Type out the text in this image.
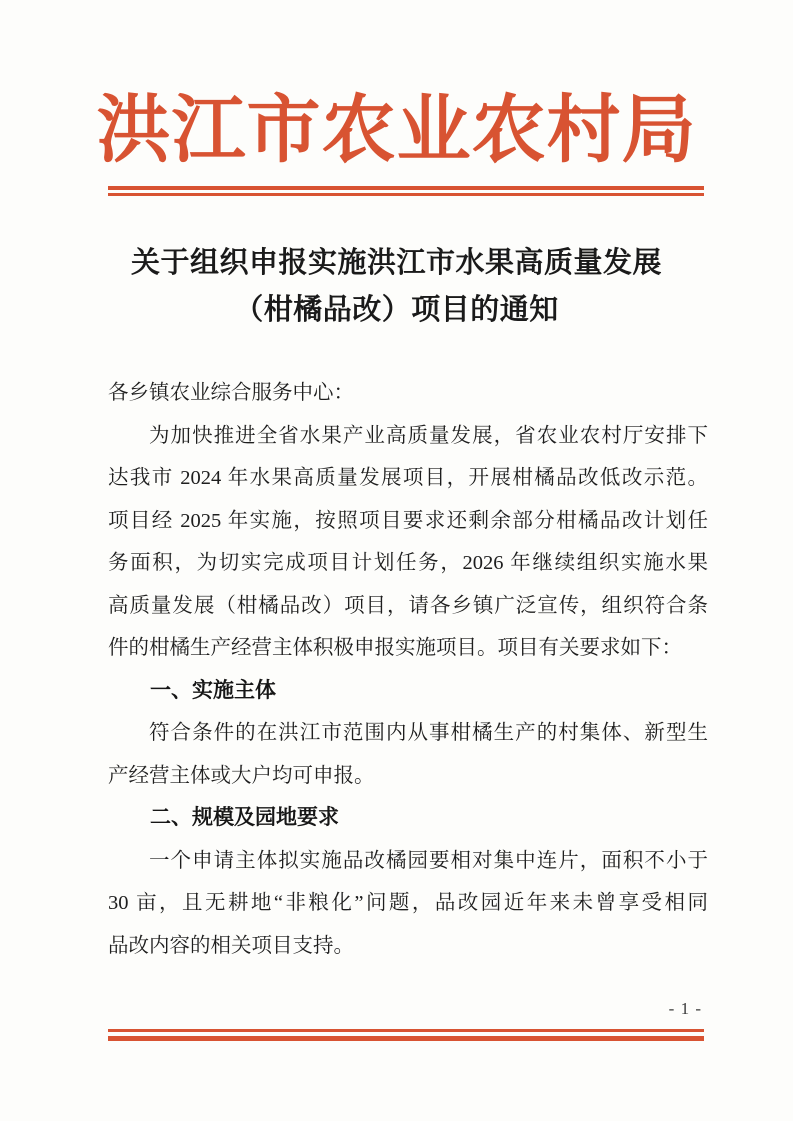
洪江市农业农村局
关于组织申报实施洪江市水果高质量发展
（柑橘品改）项目的通知
各乡镇农业综合服务中心：
为加快推进全省水果产业高质量发展，省农业农村厅安排下
达我市 2024 年水果高质量发展项目，开展柑橘品改低改示范。
项目经 2025 年实施，按照项目要求还剩余部分柑橘品改计划任
务面积，为切实完成项目计划任务，2026 年继续组织实施水果
高质量发展（柑橘品改）项目，请各乡镇广泛宣传，组织符合条
件的柑橘生产经营主体积极申报实施项目。项目有关要求如下：
一、实施主体
符合条件的在洪江市范围内从事柑橘生产的村集体、新型生
产经营主体或大户均可申报。
二、规模及园地要求
一个申请主体拟实施品改橘园要相对集中连片，面积不小于
30 亩，且无耕地“非粮化”问题，品改园近年来未曾享受相同
品改内容的相关项目支持。
- 1 -
